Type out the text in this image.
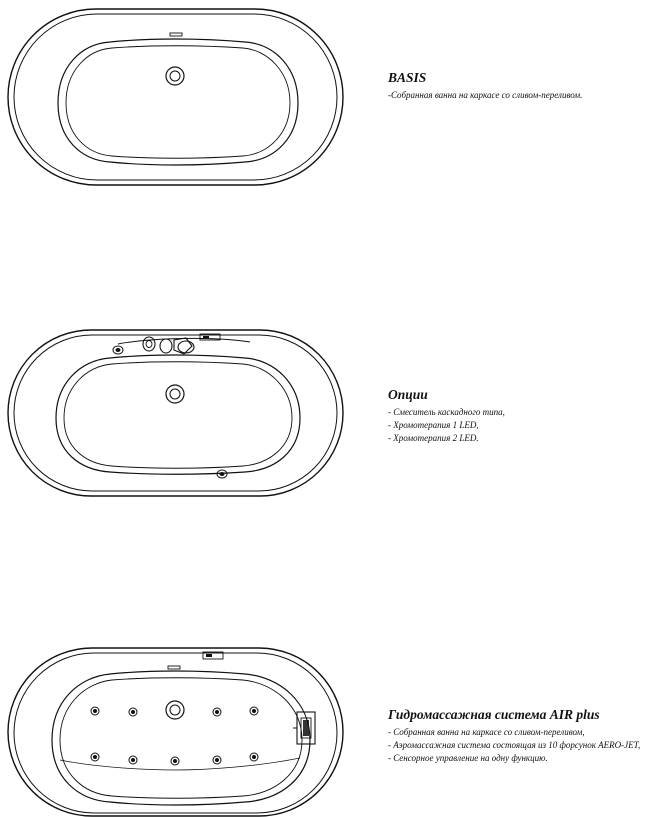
BASIS
-Собранная ванна на каркасе со сливом-переливом.
Опции
- Смеситель каскадного типа,
- Хромотерапия 1 LED,
- Хромотерапия 2 LED.
Гидромассажная система AIR plus
- Собранная ванна на каркасе со сливом-переливом,
- Аэромассажная система состоящая из 10 форсунок AERO-JET,
- Сенсорное управление на одну функцию.
